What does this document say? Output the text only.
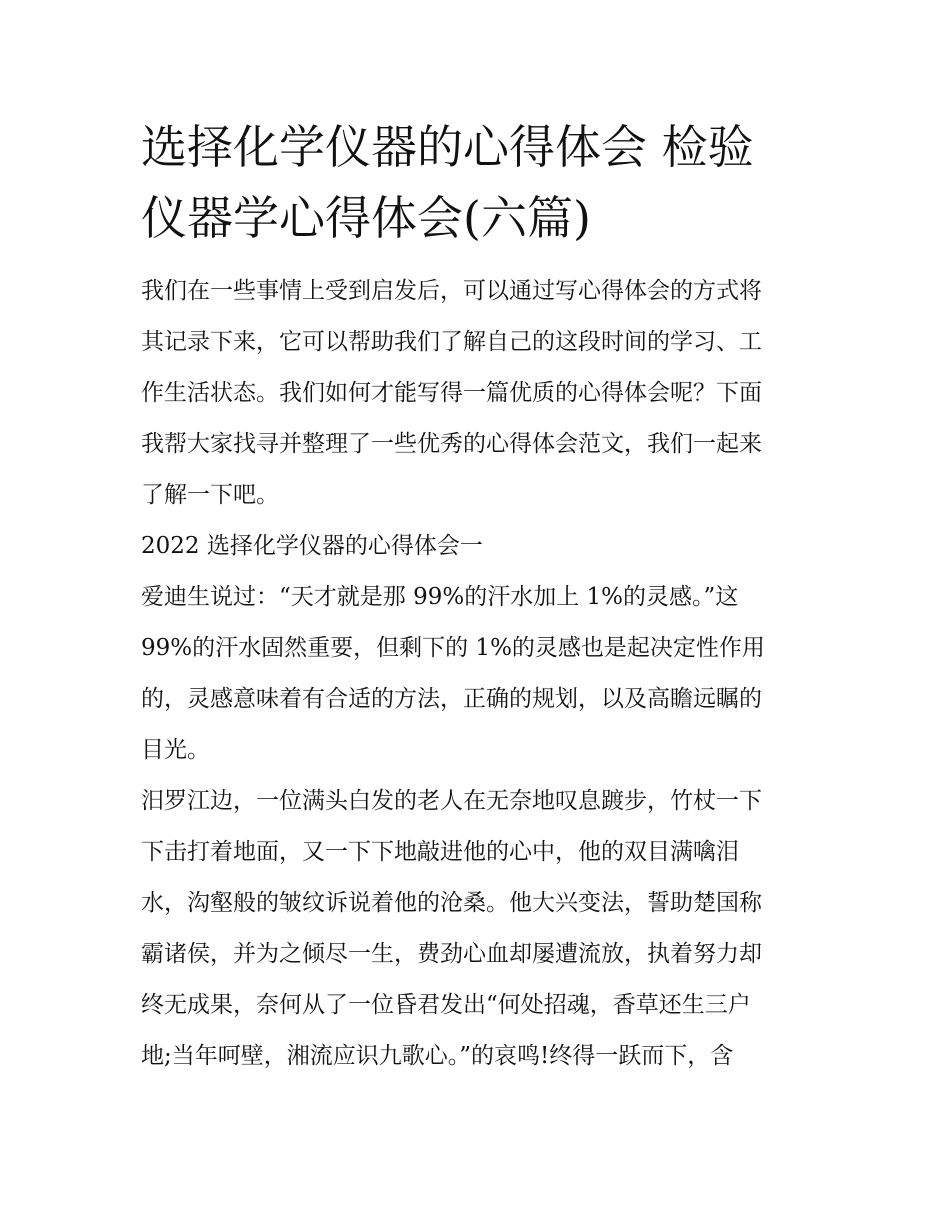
选择化学仪器的心得体会 检验
仪器学心得体会(六篇)

我们在一些事情上受到启发后，可以通过写心得体会的方式将
其记录下来，它可以帮助我们了解自己的这段时间的学习、工
作生活状态。我们如何才能写得一篇优质的心得体会呢？下面
我帮大家找寻并整理了一些优秀的心得体会范文，我们一起来
了解一下吧。

2022 选择化学仪器的心得体会一

爱迪生说过：“天才就是那 99%的汗水加上 1%的灵感。”这
99%的汗水固然重要，但剩下的 1%的灵感也是起决定性作用
的，灵感意味着有合适的方法，正确的规划，以及高瞻远瞩的
目光。

汨罗江边，一位满头白发的老人在无奈地叹息踱步，竹杖一下
下击打着地面，又一下下地敲进他的心中，他的双目满噙泪
水，沟壑般的皱纹诉说着他的沧桑。他大兴变法，誓助楚国称
霸诸侯，并为之倾尽一生，费劲心血却屡遭流放，执着努力却
终无成果，奈何从了一位昏君发出“何处招魂，香草还生三户
地;当年呵壁，湘流应识九歌心。”的哀鸣!终得一跃而下，含
